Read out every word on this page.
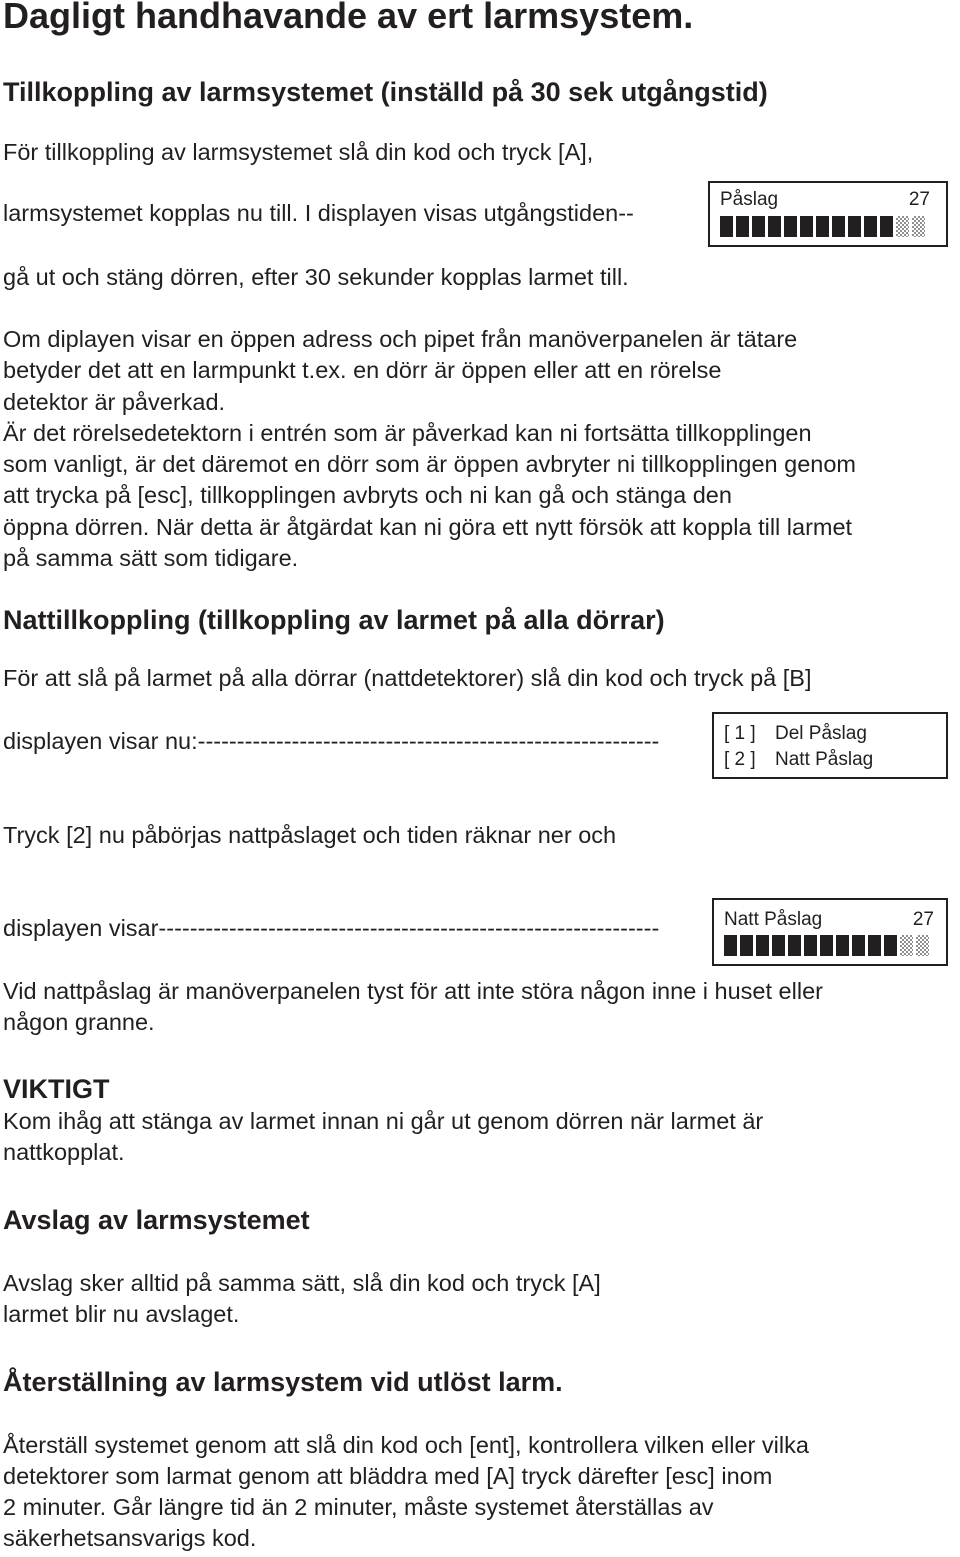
Dagligt handhavande av ert larmsystem.
Tillkoppling av larmsystemet (inställd på 30 sek utgångstid)

För tillkoppling av larmsystemet slå din kod och tryck [A],

larmsystemet kopplas nu till. I displayen visas utgångstiden--

gå ut och stäng dörren, efter 30 sekunder kopplas larmet till.

Påslag	27

Om diplayen visar en öppen adress och pipet från manöverpanelen är tätare

betyder det att en larmpunkt t.ex. en dörr är öppen eller att en rörelse

detektor är påverkad.

Är det rörelsedetektorn i entrén som är påverkad kan ni fortsätta tillkopplingen

som vanligt, är det däremot en dörr som är öppen avbryter ni tillkopplingen genom

att trycka på [esc], tillkopplingen avbryts och ni kan gå och stänga den

öppna dörren. När detta är åtgärdat kan ni göra ett nytt försök att koppla till larmet

på samma sätt som tidigare.

Nattillkoppling (tillkoppling av larmet på alla dörrar)

För att slå på larmet på alla dörrar (nattdetektorer) slå din kod och tryck på [B]

displayen visar nu:-----------------------------------------------------------	[ 1 ] Del Påslag
[ 2 ] Natt Påslag

Tryck [2] nu påbörjas nattpåslaget och tiden räknar ner och

displayen visar----------------------------------------------------------------	Natt Påslag	27

Vid nattpåslag är manöverpanelen tyst för att inte störa någon inne i huset eller

någon granne.

VIKTIGT

Kom ihåg att stänga av larmet innan ni går ut genom dörren när larmet är

nattkopplat.

Avslag av larmsystemet

Avslag sker alltid på samma sätt, slå din kod och tryck [A]

larmet blir nu avslaget.

Återställning av larmsystem vid utlöst larm.

Återställ systemet genom att slå din kod och [ent], kontrollera vilken eller vilka

detektorer som larmat genom att bläddra med [A] tryck därefter [esc] inom

2 minuter. Går längre tid än 2 minuter, måste systemet återställas av

säkerhetsansvarigs kod.
